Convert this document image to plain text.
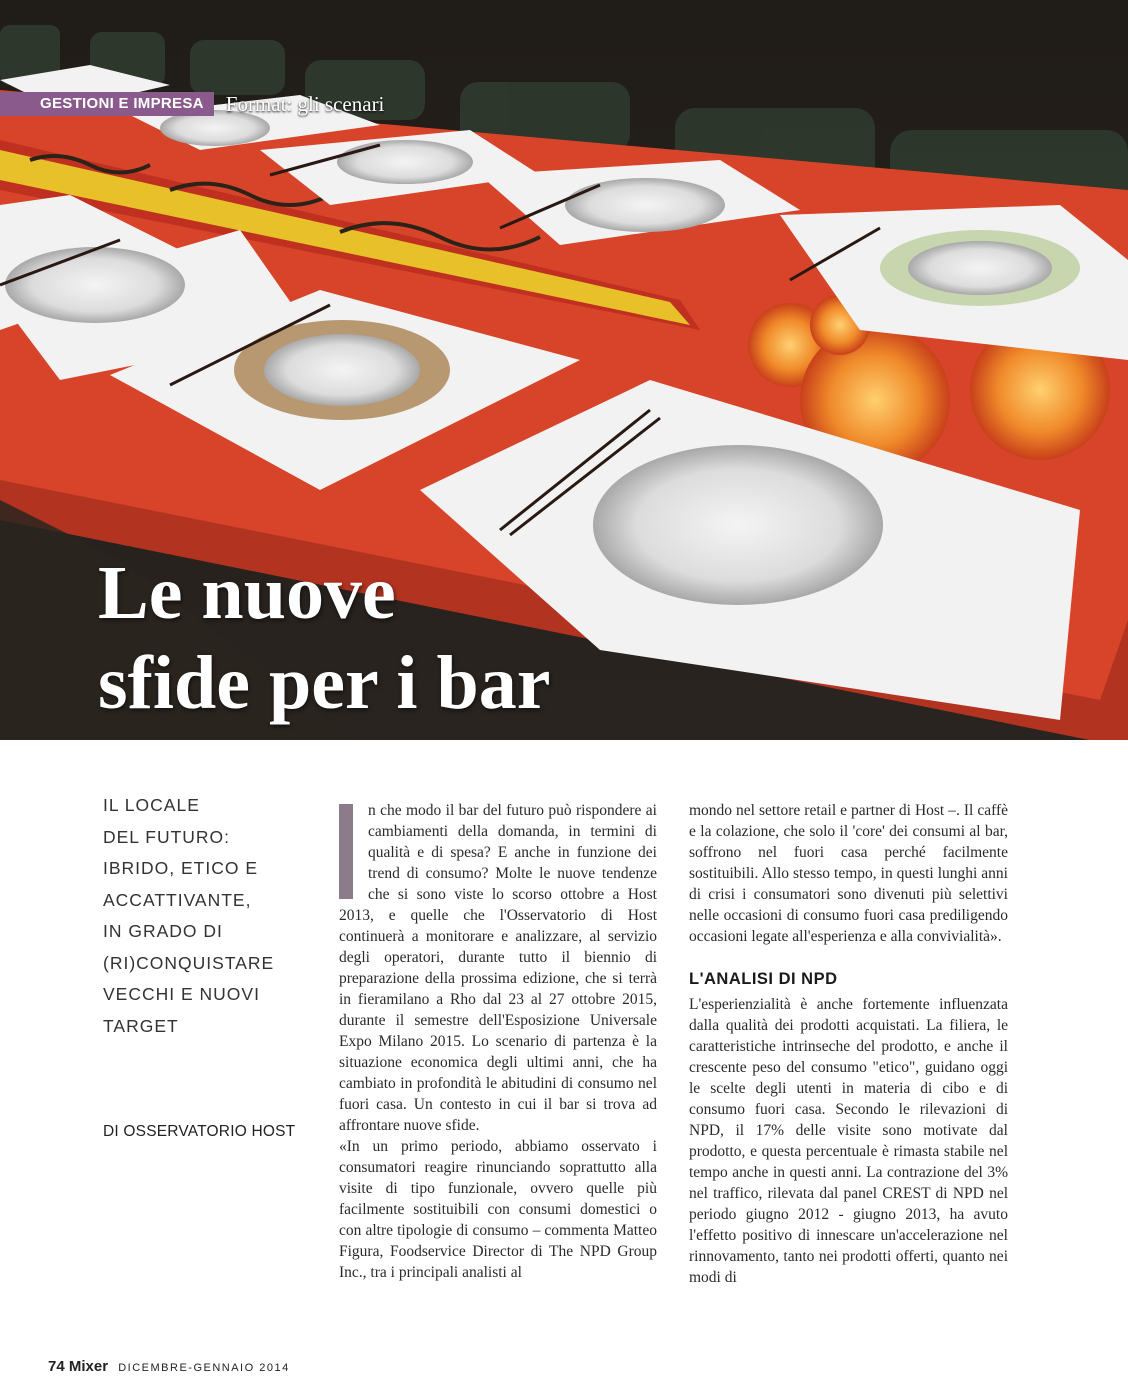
GESTIONI E IMPRESA	Format: gli scenari
Le nuove
sfide per i bar
IL LOCALE
DEL FUTURO:
IBRIDO, ETICO E
ACCATTIVANTE,
IN GRADO DI
(RI)CONQUISTARE
VECCHI E NUOVI
TARGET
DI OSSERVATORIO HOST

n che modo il bar del futuro può rispondere ai cambiamenti della domanda, in termini di qualità e di spesa? E anche in funzione dei trend di consumo? Molte le nuove tendenze che si sono viste lo scorso ottobre a Host 2013, e quelle che l'Osservatorio di Host continuerà a monitorare e analizzare, al servizio degli operatori, durante tutto il biennio di preparazione della prossima edizione, che si terrà in fieramilano a Rho dal 23 al 27 ottobre 2015, durante il semestre dell'Esposizione Universale Expo Milano 2015. Lo scenario di partenza è la situazione economica degli ultimi anni, che ha cambiato in profondità le abitudini di consumo nel fuori casa. Un contesto in cui il bar si trova ad affrontare nuove sfide.

«In un primo periodo, abbiamo osservato i consumatori reagire rinunciando soprattutto alla visite di tipo funzionale, ovvero quelle più facilmente sostituibili con consumi domestici o con altre tipologie di consumo – commenta Matteo Figura, Foodservice Director di The NPD Group Inc., tra i principali analisti al

mondo nel settore retail e partner di Host –. Il caffè e la colazione, che solo il 'core' dei consumi al bar, soffrono nel fuori casa perché facilmente sostituibili. Allo stesso tempo, in questi lunghi anni di crisi i consumatori sono divenuti più selettivi nelle occasioni di consumo fuori casa prediligendo occasioni legate all'esperienza e alla convivialità».

L'ANALISI DI NPD

L'esperienzialità è anche fortemente influenzata dalla qualità dei prodotti acquistati. La filiera, le caratteristiche intrinseche del prodotto, e anche il crescente peso del consumo "etico", guidano oggi le scelte degli utenti in materia di cibo e di consumo fuori casa. Secondo le rilevazioni di NPD, il 17% delle visite sono motivate dal prodotto, e questa percentuale è rimasta stabile nel tempo anche in questi anni. La contrazione del 3% nel traffico, rilevata dal panel CREST di NPD nel periodo giugno 2012 - giugno 2013, ha avuto l'effetto positivo di innescare un'accelerazione nel rinnovamento, tanto nei prodotti offerti, quanto nei modi di

74 Mixer DICEMBRE-GENNAIO 2014
